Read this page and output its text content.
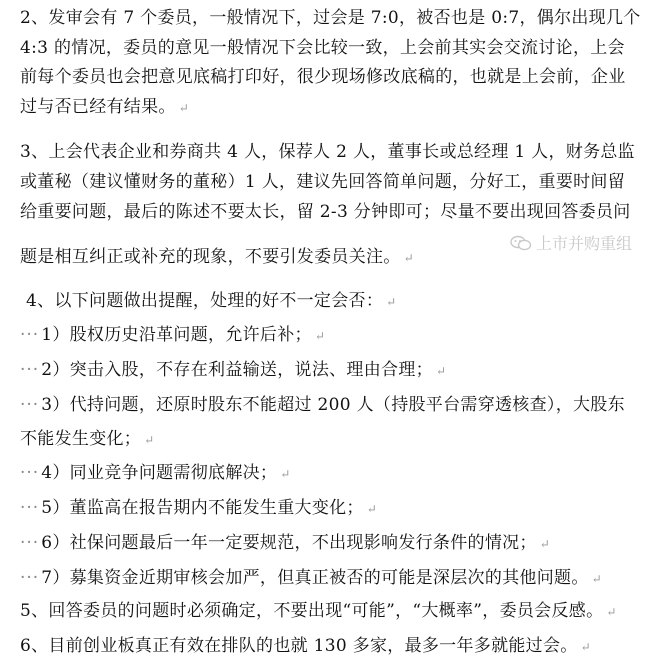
2、发审会有 7 个委员，一般情况下，过会是 7:0，被否也是 0:7，偶尔出现几个
4:3 的情况，委员的意见一般情况下会比较一致，上会前其实会交流讨论，上会
前每个委员也会把意见底稿打印好，很少现场修改底稿的，也就是上会前，企业
过与否已经有结果。 ↵
3、上会代表企业和券商共 4 人，保荐人 2 人，董事长或总经理 1 人，财务总监
或董秘（建议懂财务的董秘）1 人，建议先回答简单问题，分好工，重要时间留
给重要问题，最后的陈述不要太长，留 2-3 分钟即可；尽量不要出现回答委员问
题是相互纠正或补充的现象，不要引发委员关注。 ↵
4、以下问题做出提醒，处理的好不一定会否： ↵
··· 1）股权历史沿革问题，允许后补； ↵
··· 2）突击入股，不存在利益输送，说法、理由合理； ↵
··· 3）代持问题，还原时股东不能超过 200 人（持股平台需穿透核查），大股东
不能发生变化； ↵
··· 4）同业竞争问题需彻底解决； ↵
··· 5）董监高在报告期内不能发生重大变化； ↵
··· 6）社保问题最后一年一定要规范，不出现影响发行条件的情况； ↵
··· 7）募集资金近期审核会加严，但真正被否的可能是深层次的其他问题。 ↵
5、回答委员的问题时必须确定，不要出现“可能”，“大概率”，委员会反感。 ↵
6、目前创业板真正有效在排队的也就 130 多家，最多一年多就能过会。 ↵
上市并购重组
